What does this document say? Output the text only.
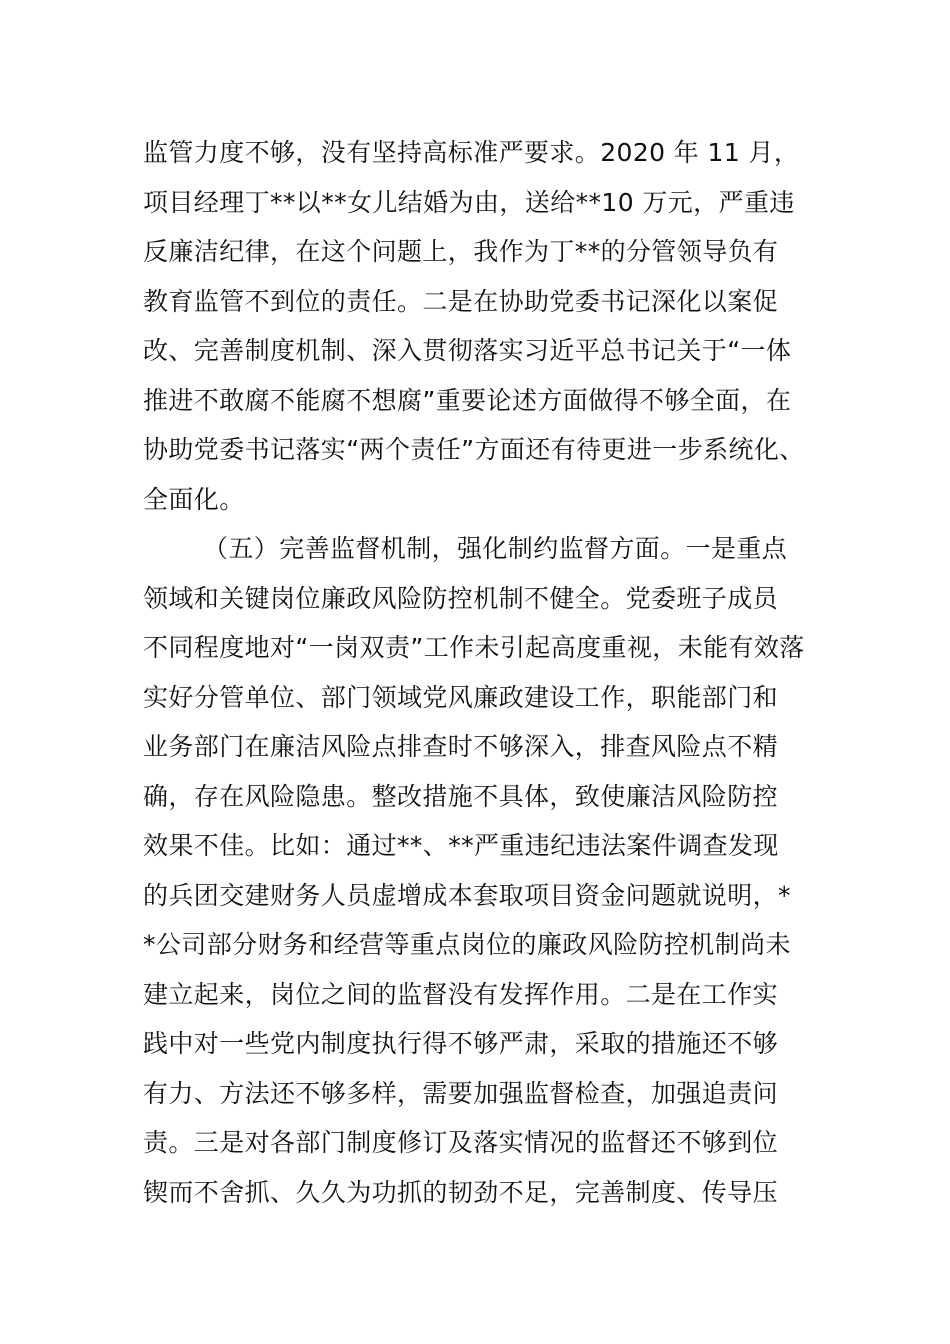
监管力度不够，没有坚持高标准严要求。2020 年 11 月，
项目经理丁**以**女儿结婚为由，送给**10 万元，严重违
反廉洁纪律，在这个问题上，我作为丁**的分管领导负有
教育监管不到位的责任。二是在协助党委书记深化以案促
改、完善制度机制、深入贯彻落实习近平总书记关于“一体
推进不敢腐不能腐不想腐”重要论述方面做得不够全面，在
协助党委书记落实“两个责任”方面还有待更进一步系统化、
全面化。
（五）完善监督机制，强化制约监督方面。一是重点
领域和关键岗位廉政风险防控机制不健全。党委班子成员
不同程度地对“一岗双责”工作未引起高度重视，未能有效落
实好分管单位、部门领域党风廉政建设工作，职能部门和
业务部门在廉洁风险点排查时不够深入，排查风险点不精
确，存在风险隐患。整改措施不具体，致使廉洁风险防控
效果不佳。比如：通过**、**严重违纪违法案件调查发现
的兵团交建财务人员虚增成本套取项目资金问题就说明，*
*公司部分财务和经营等重点岗位的廉政风险防控机制尚未
建立起来，岗位之间的监督没有发挥作用。二是在工作实
践中对一些党内制度执行得不够严肃，采取的措施还不够
有力、方法还不够多样，需要加强监督检查，加强追责问
责。三是对各部门制度修订及落实情况的监督还不够到位
锲而不舍抓、久久为功抓的韧劲不足，完善制度、传导压
